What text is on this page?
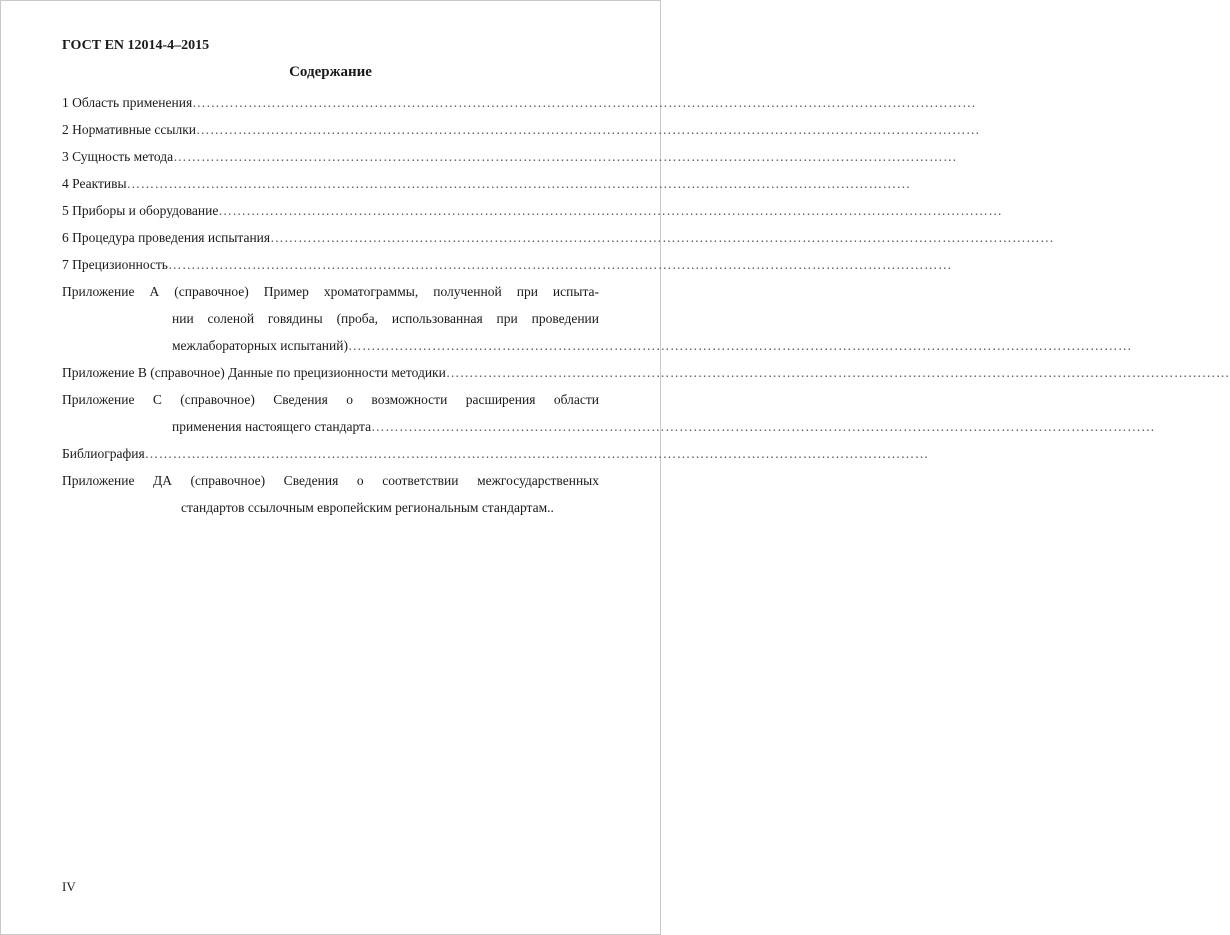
ГОСТ EN 12014-4–2015
Содержание
1 Область применения……………………………………………………………………………………………………………………………………………………
2 Нормативные ссылки……………………………………………………………………………………………………………………………………………………
3 Сущность метода……………………………………………………………………………………………………………………………………………………
4 Реактивы……………………………………………………………………………………………………………………………………………………
5 Приборы и оборудование……………………………………………………………………………………………………………………………………………………
6 Процедура проведения испытания……………………………………………………………………………………………………………………………………………………
7 Прецизионность……………………………………………………………………………………………………………………………………………………
Приложение А (справочное) Пример хроматограммы, полученной при испыта-
нии соленой говядины (проба, использованная при проведении
межлабораторных испытаний)……………………………………………………………………………………………………………………………………………………
Приложение В (справочное) Данные по прецизионности методики……………………………………………………………………………………………………………………………………………………
Приложение С (справочное) Сведения о возможности расширения области
применения настоящего стандарта……………………………………………………………………………………………………………………………………………………
Библиография……………………………………………………………………………………………………………………………………………………
Приложение ДА (справочное) Сведения о соответствии межгосударственных
стандартов ссылочным европейским региональным стандартам..
IV
